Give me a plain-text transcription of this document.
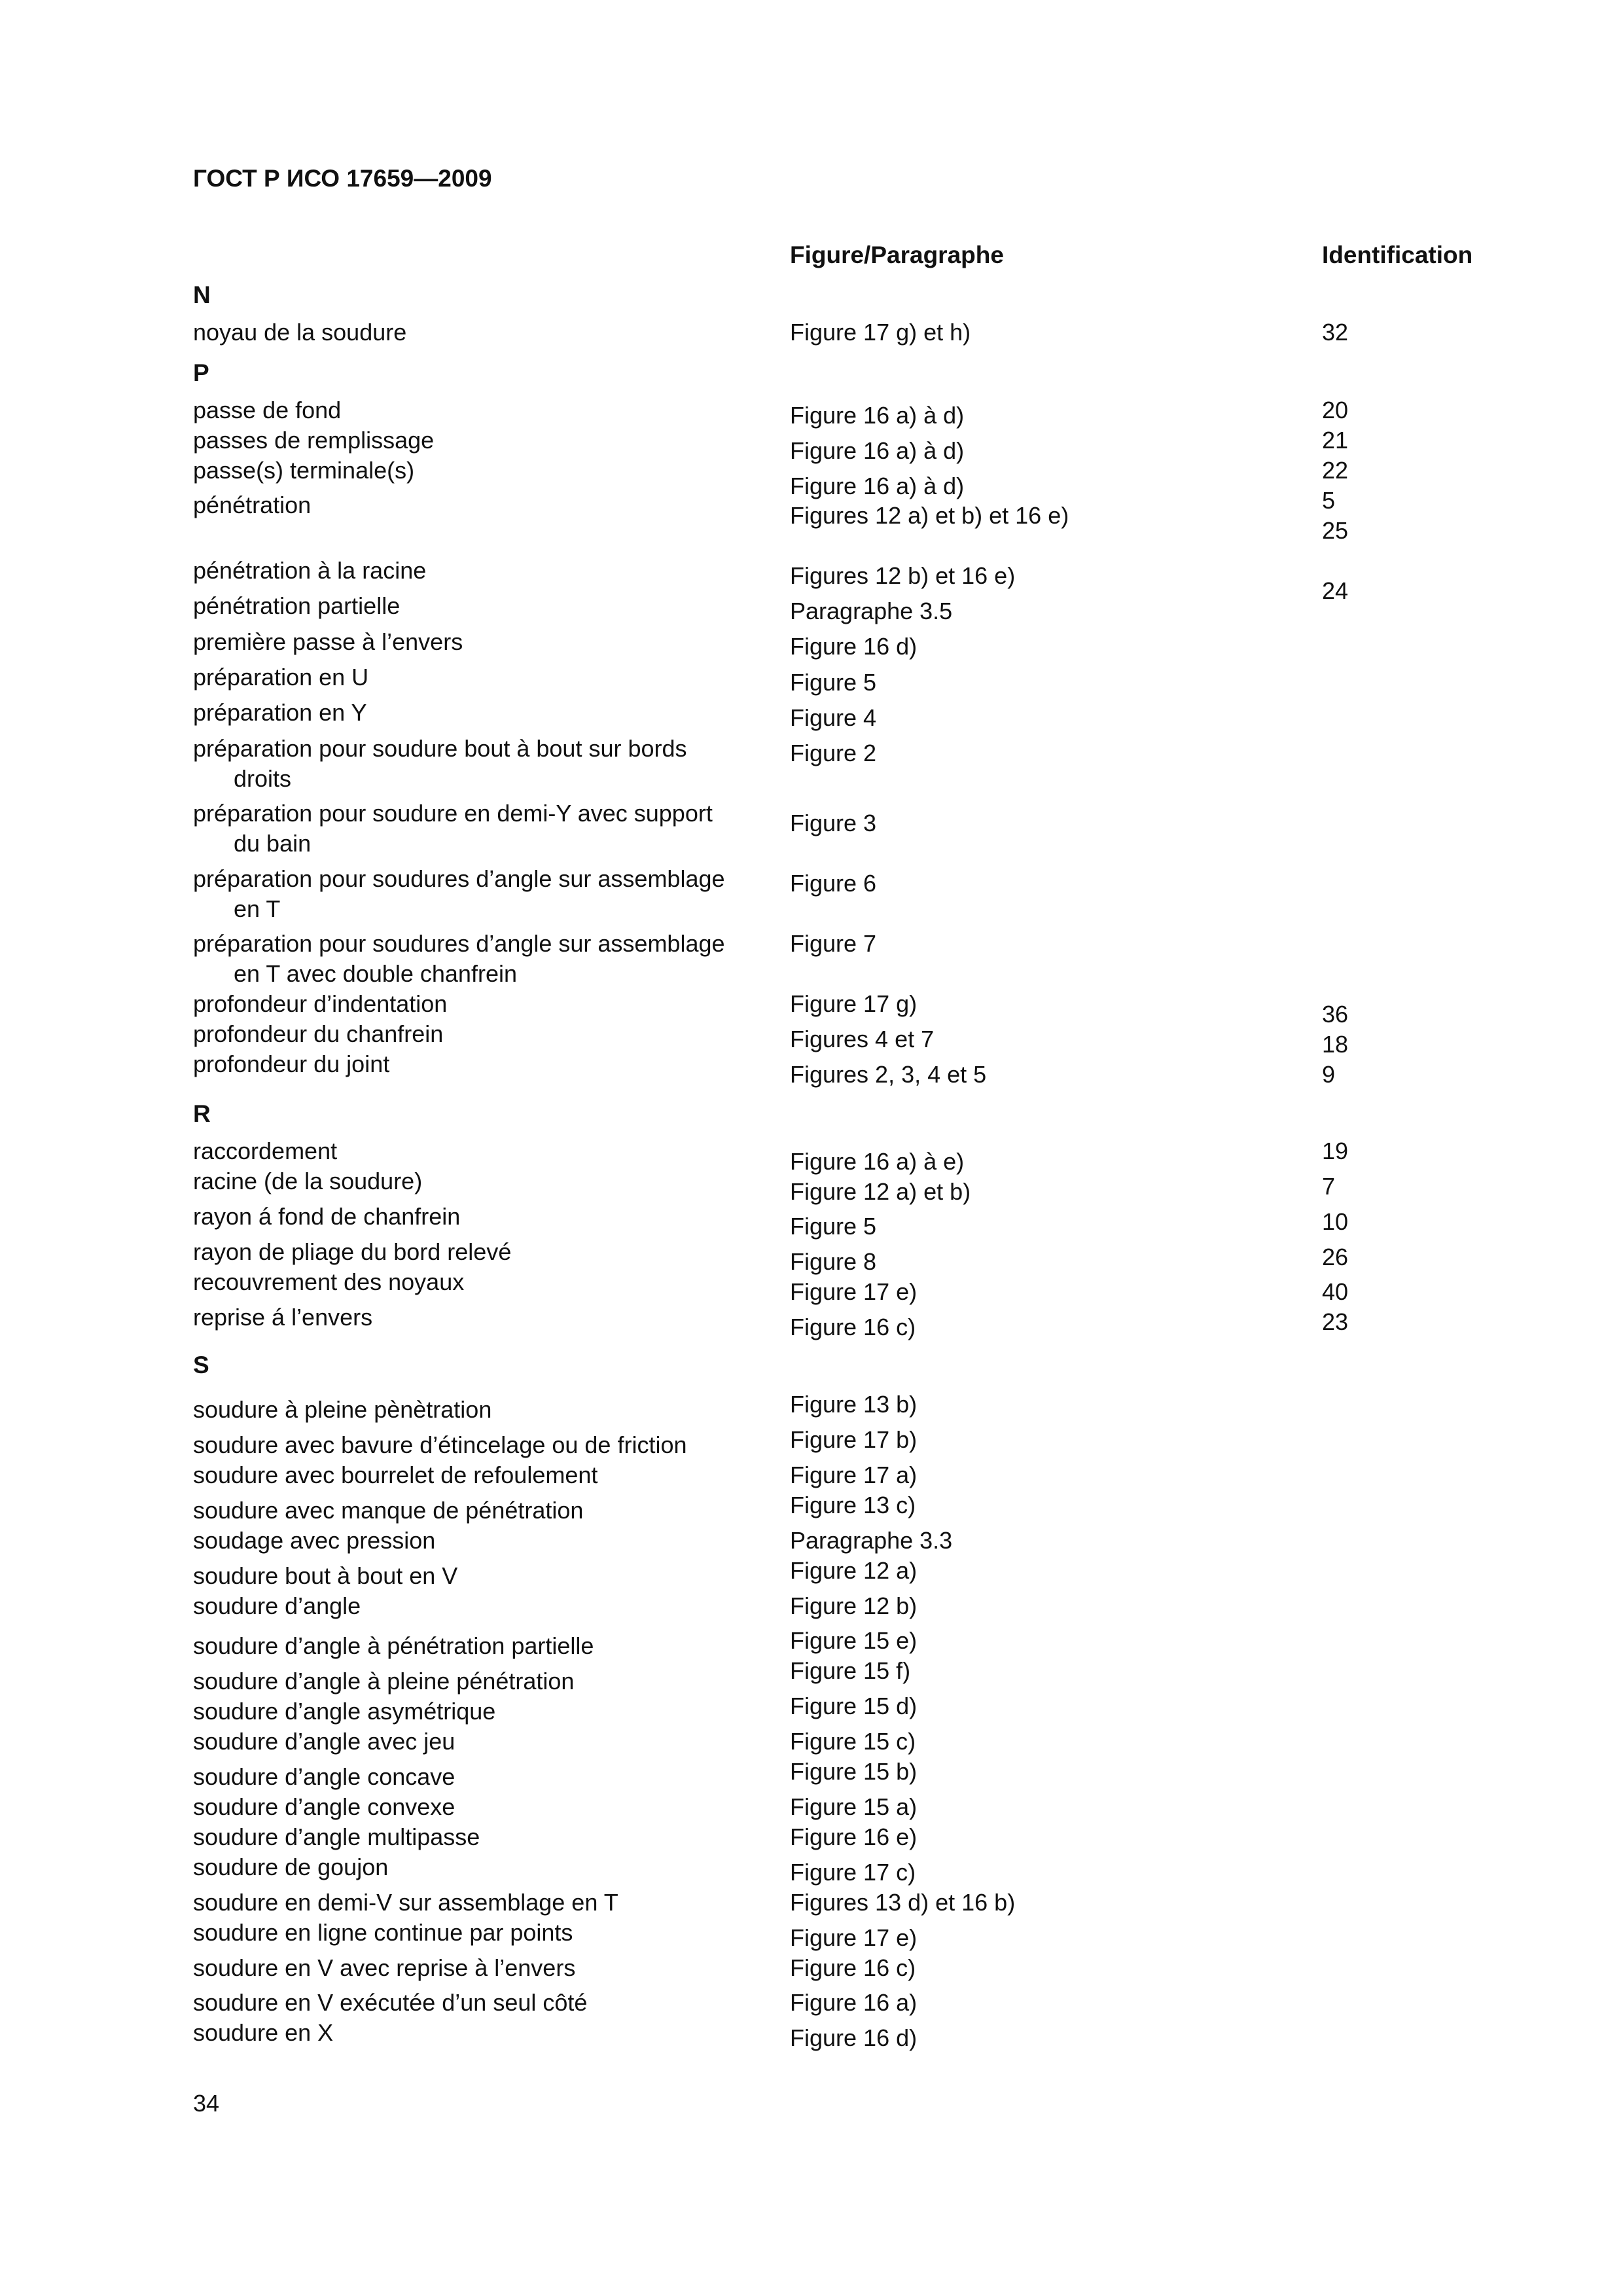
ГОСТ Р ИСО 17659—2009
Figure/Paragraphe	Identification
N
P
R
S
noyau de la soudure
passe de fond
passes de remplissage
passe(s) terminale(s)
pénétration
pénétration à la racine
pénétration partielle
première passe à l’envers
préparation en U
préparation en Y
préparation pour soudure bout à bout sur bords
droits
préparation pour soudure en demi-Y avec support
du bain
préparation pour soudures d’angle sur assemblage
en T
préparation pour soudures d’angle sur assemblage
en T avec double chanfrein
profondeur d’indentation
profondeur du chanfrein
profondeur du joint
raccordement
racine (de la soudure)
rayon á fond de chanfrein
rayon de pliage du bord relevé
recouvrement des noyaux
reprise á l’envers
soudure à pleine pènètration
soudure avec bavure d’étincelage ou de friction
soudure avec bourrelet de refoulement
soudure avec manque de pénétration
soudage avec pression
soudure bout à bout en V
soudure d’angle
soudure d’angle à pénétration partielle
soudure d’angle à pleine pénétration
soudure d’angle asymétrique
soudure d’angle avec jeu
soudure d’angle concave
soudure d’angle convexe
soudure d’angle multipasse
soudure de goujon
soudure en demi-V sur assemblage en T
soudure en ligne continue par points
soudure en V avec reprise à l’envers
soudure en V exécutée d’un seul côté
soudure en X
Figure 17 g) et h)
Figure 16 a) à d)
Figure 16 a) à d)
Figure 16 a) à d)
Figures 12 a) et b) et 16 e)
Figures 12 b) et 16 e)
Paragraphe 3.5
Figure 16 d)
Figure 5
Figure 4
Figure 2
Figure 3
Figure 6
Figure 7
Figure 17 g)
Figures 4 et 7
Figures 2, 3, 4 et 5
Figure 16 a) à e)
Figure 12 a) et b)
Figure 5
Figure 8
Figure 17 e)
Figure 16 c)
Figure 13 b)
Figure 17 b)
Figure 17 a)
Figure 13 c)
Paragraphe 3.3
Figure 12 a)
Figure 12 b)
Figure 15 e)
Figure 15 f)
Figure 15 d)
Figure 15 c)
Figure 15 b)
Figure 15 a)
Figure 16 e)
Figure 17 c)
Figures 13 d) et 16 b)
Figure 17 e)
Figure 16 c)
Figure 16 a)
Figure 16 d)
32
20
21
22
5
25
24
36
18
9
19
7
10
26
40
23
34
